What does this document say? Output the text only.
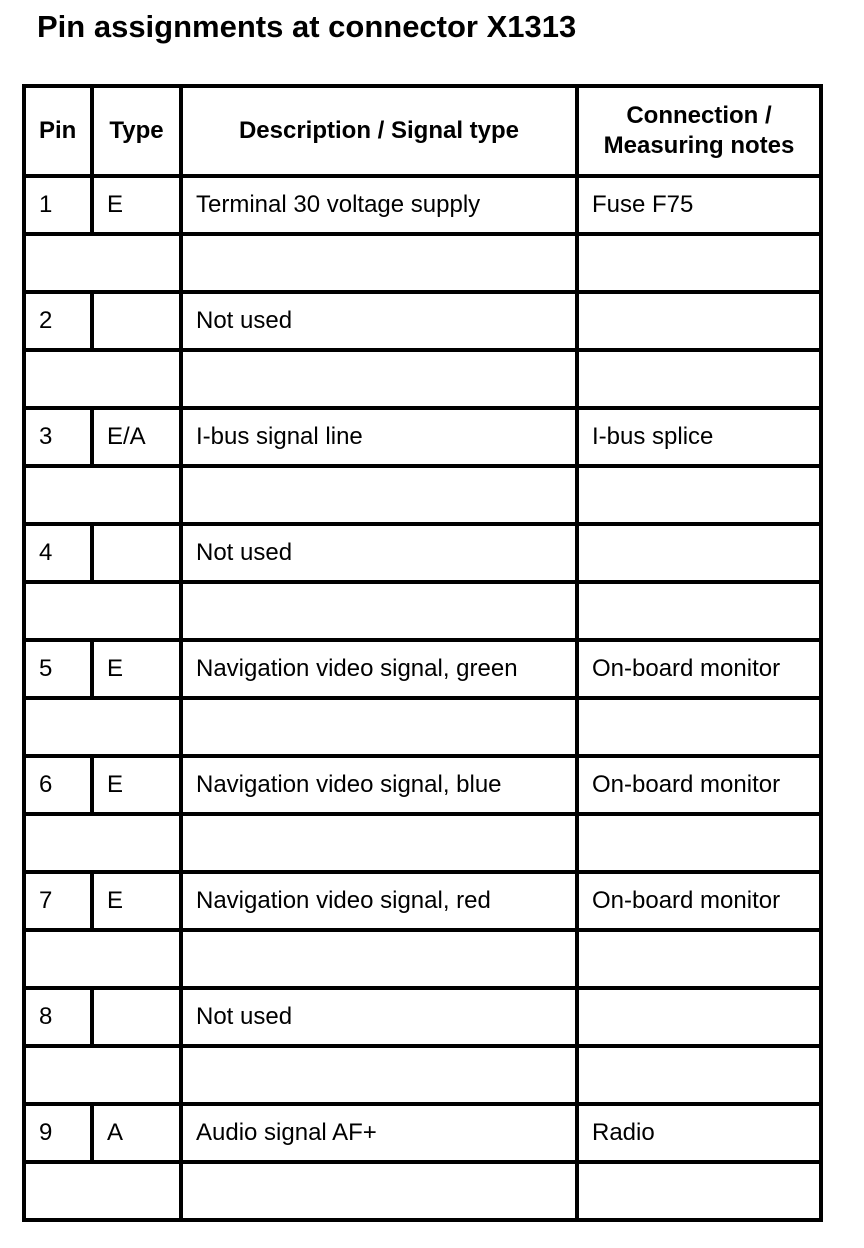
Pin assignments at connector X1313
Pin	Type	Description / Signal type	Connection /
Measuring notes

1	E	Terminal 30 voltage supply	Fuse F75

2		Not used	

3	E/A	I-bus signal line	I-bus splice

4		Not used	

5	E	Navigation video signal, green	On-board monitor

6	E	Navigation video signal, blue	On-board monitor

7	E	Navigation video signal, red	On-board monitor

8		Not used	

9	A	Audio signal AF+	Radio
